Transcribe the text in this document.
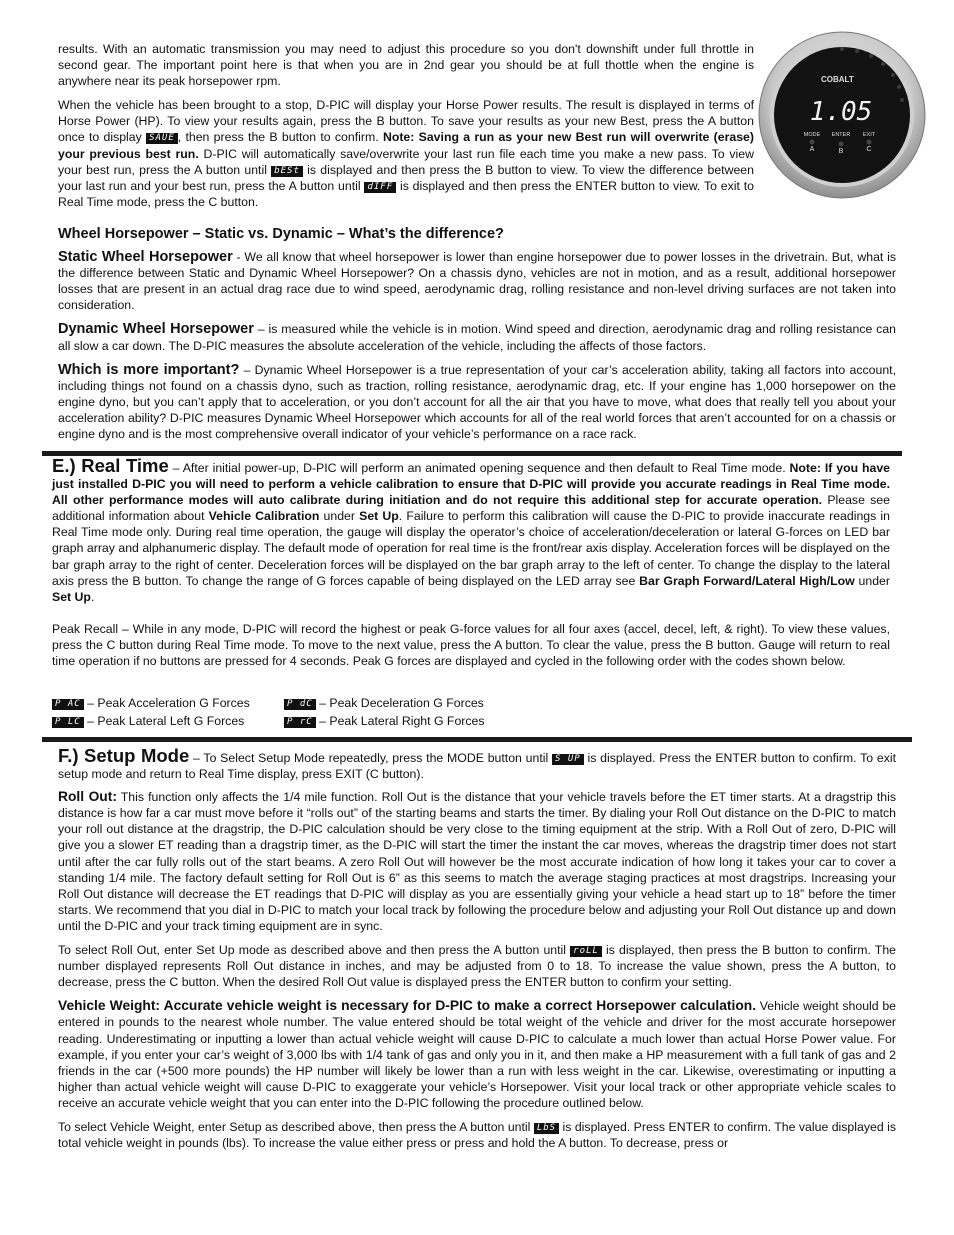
results. With an automatic transmission you may need to adjust this procedure so you don't downshift under full throttle in second gear. The important point here is that when you are in 2nd gear you should be at full thottle when the engine is anywhere near its peak horsepower rpm.

When the vehicle has been brought to a stop, D-PIC will display your Horse Power results. The result is displayed in terms of Horse Power (HP). To view your results again, press the B button. To save your results as your new Best, press the A button once to display SAUE , then press the B button to confirm. Note: Saving a run as your new Best run will overwrite (erase) your previous best run. D-PIC will automatically save/overwrite your last run file each time you make a new pass. To view your best run, press the A button until bESt is displayed and then press the B button to view. To view the difference between your last run and your best run, press the A button until dIFF is displayed and then press the ENTER button to view. To exit to Real Time mode, press the C button.

COBALT
1.05
MODE ENTER EXIT
A	B	C

Wheel Horsepower – Static vs. Dynamic – What’s the difference?

Static Wheel Horsepower - We all know that wheel horsepower is lower than engine horsepower due to power losses in the drivetrain. But, what is the difference between Static and Dynamic Wheel Horsepower? On a chassis dyno, vehicles are not in motion, and as a result, additional horsepower losses that are present in an actual drag race due to wind speed, aerodynamic drag, rolling resistance and non-level driving surfaces are not taken into consideration.

Dynamic Wheel Horsepower – is measured while the vehicle is in motion. Wind speed and direction, aerodynamic drag and rolling resistance can all slow a car down. The D-PIC measures the absolute acceleration of the vehicle, including the affects of those factors.

Which is more important? – Dynamic Wheel Horsepower is a true representation of your car’s acceleration ability, taking all factors into account, including things not found on a chassis dyno, such as traction, rolling resistance, aerodynamic drag, etc. If your engine has 1,000 horsepower on the engine dyno, but you can’t apply that to acceleration, or you don’t account for all the air that you have to move, what does that really tell you about your acceleration ability? D-PIC measures Dynamic Wheel Horsepower which accounts for all of the real world forces that aren’t accounted for on a chassis or engine dyno and is the most comprehensive overall indicator of your vehicle’s performance on a race rack.

E.) Real Time – After initial power-up, D-PIC will perform an animated opening sequence and then default to Real Time mode. Note: If you have just installed D-PIC you will need to perform a vehicle calibration to ensure that D-PIC will provide you accurate readings in Real Time mode. All other performance modes will auto calibrate during initiation and do not require this additional step for accurate operation. Please see additional information about Vehicle Calibration under Set Up. Failure to perform this calibration will cause the D-PIC to provide inaccurate readings in Real Time mode only. During real time operation, the gauge will display the operator’s choice of acceleration/deceleration or lateral G-forces on LED bar graph array and alphanumeric display. The default mode of operation for real time is the front/rear axis display. Acceleration forces will be displayed on the bar graph array to the right of center. Deceleration forces will be displayed on the bar graph array to the left of center. To change the display to the lateral axis press the B button. To change the range of G forces capable of being displayed on the LED array see Bar Graph Forward/Lateral High/Low under Set Up.

Peak Recall – While in any mode, D-PIC will record the highest or peak G-force values for all four axes (accel, decel, left, & right). To view these values, press the C button during Real Time mode. To move to the next value, press the A button. To clear the value, press the B button. Gauge will return to real time operation if no buttons are pressed for 4 seconds. Peak G forces are displayed and cycled in the following order with the codes shown below.

P AC – Peak Acceleration G Forces	P dC – Peak Deceleration G Forces
P LC – Peak Lateral Left G Forces	P rC – Peak Lateral Right G Forces

F.) Setup Mode – To Select Setup Mode repeatedly, press the MODE button until S UP is displayed. Press the ENTER button to confirm. To exit setup mode and return to Real Time display, press EXIT (C button).

Roll Out: This function only affects the 1/4 mile function. Roll Out is the distance that your vehicle travels before the ET timer starts. At a dragstrip this distance is how far a car must move before it “rolls out” of the starting beams and starts the timer. By dialing your Roll Out distance on the D-PIC to match your roll out distance at the dragstrip, the D-PIC calculation should be very close to the timing equipment at the strip. With a Roll Out of zero, D-PIC will give you a slower ET reading than a dragstrip timer, as the D-PIC will start the timer the instant the car moves, whereas the dragstrip timer does not start until after the car fully rolls out of the start beams. A zero Roll Out will however be the most accurate indication of how long it takes your car to cover a standing 1/4 mile. The factory default setting for Roll Out is 6” as this seems to match the average staging practices at most dragstrips. Increasing your Roll Out distance will decrease the ET readings that D-PIC will display as you are essentially giving your vehicle a head start up to 18” before the timer starts. We recommend that you dial in D-PIC to match your local track by following the procedure below and adjusting your Roll Out distance up and down until the D-PIC and your track timing equipment are in sync.

To select Roll Out, enter Set Up mode as described above and then press the A button until roLL is displayed, then press the B button to confirm. The number displayed represents Roll Out distance in inches, and may be adjusted from 0 to 18. To increase the value shown, press the A button, to decrease, press the C button. When the desired Roll Out value is displayed press the ENTER button to confirm your setting.

Vehicle Weight: Accurate vehicle weight is necessary for D-PIC to make a correct Horsepower calculation. Vehicle weight should be entered in pounds to the nearest whole number. The value entered should be total weight of the vehicle and driver for the most accurate horsepower reading. Underestimating or inputting a lower than actual vehicle weight will cause D-PIC to calculate a much lower than actual Horse Power value. For example, if you enter your car’s weight of 3,000 lbs with 1/4 tank of gas and only you in it, and then make a HP measurement with a full tank of gas and 2 friends in the car (+500 more pounds) the HP number will likely be lower than a run with less weight in the car. Likewise, overestimating or inputting a higher than actual vehicle weight will cause D-PIC to exaggerate your vehicle’s Horsepower. Visit your local track or other appropriate vehicle scales to receive an accurate vehicle weight that you can enter into the D-PIC following the procedure outlined below.

To select Vehicle Weight, enter Setup as described above, then press the A button until LbS is displayed. Press ENTER to confirm. The value displayed is total vehicle weight in pounds (lbs). To increase the value either press or press and hold the A button. To decrease, press or
